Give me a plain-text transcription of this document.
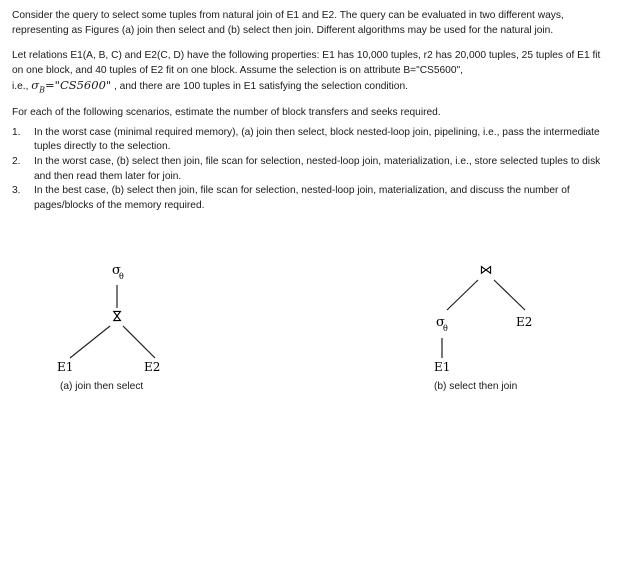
Consider the query to select some tuples from natural join of E1 and E2. The query can be evaluated in two different ways, representing as Figures (a) join then select and (b) select then join. Different algorithms may be used for the natural join.

Let relations E1(A, B, C) and E2(C, D) have the following properties: E1 has 10,000 tuples, r2 has 20,000 tuples, 25 tuples of E1 fit on one block, and 40 tuples of E2 fit on one block. Assume the selection is on attribute B="CS5600",
i.e., $\sigma_B="CS5600$" , and there are 100 tuples in E1 satisfying the selection condition.

For each of the following scenarios, estimate the number of block transfers and seeks required.

1. In the worst case (minimal required memory), (a) join then select, block nested-loop join, pipelining, i.e., pass the intermediate tuples directly to the selection.
2. In the worst case, (b) select then join, file scan for selection, nested-loop join, materialization, i.e., store selected tuples to disk and then read them later for join.
3. In the best case, (b) select then join, file scan for selection, nested-loop join, materialization, and discuss the number of pages/blocks of the memory required.
σ
θ
⋈
E1	E2
(a) join then select
⋈
σ
θ	E2
E1
(b) select then join
